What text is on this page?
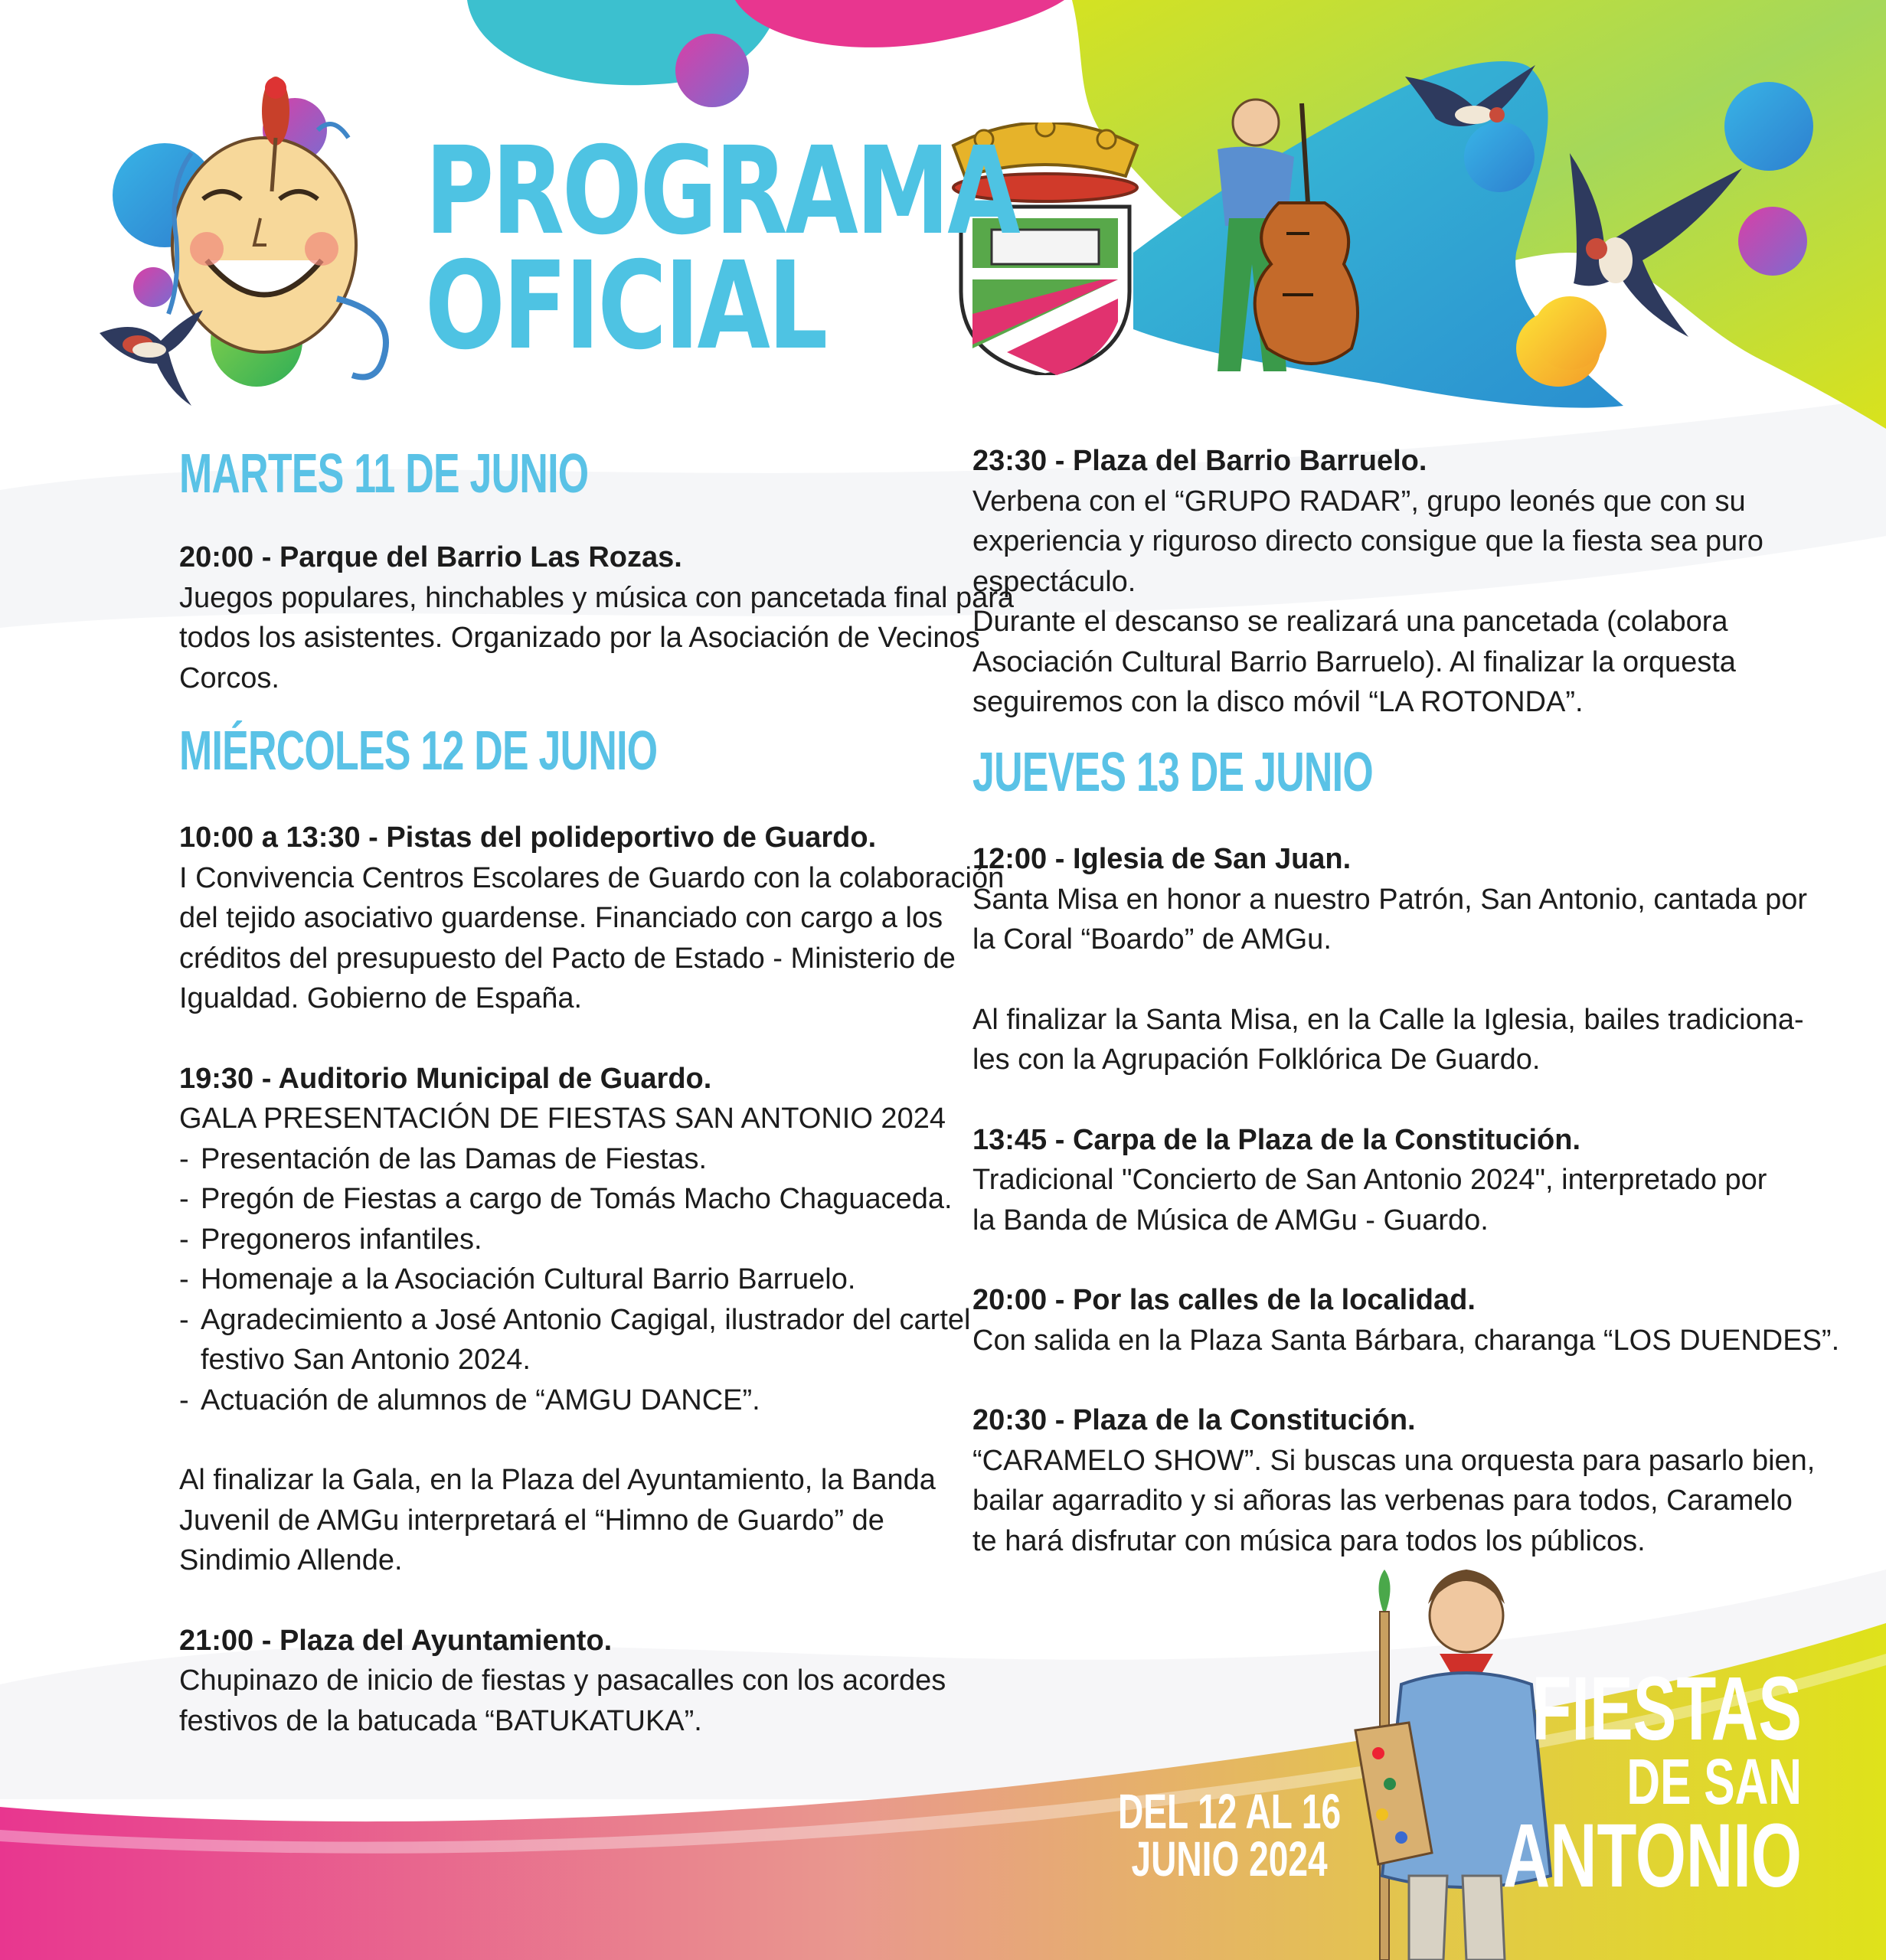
PROGRAMA
OFICIAL
MARTES 11 DE JUNIO
20:00 - Parque del Barrio Las Rozas.
Juegos populares, hinchables y música con pancetada final para
todos los asistentes. Organizado por la Asociación de Vecinos
Corcos.
MIÉRCOLES 12 DE JUNIO
10:00 a 13:30 - Pistas del polideportivo de Guardo.
I Convivencia Centros Escolares de Guardo con la colaboración
del tejido asociativo guardense. Financiado con cargo a los
créditos del presupuesto del Pacto de Estado - Ministerio de
Igualdad. Gobierno de España.
19:30 - Auditorio Municipal de Guardo.
GALA PRESENTACIÓN DE FIESTAS SAN ANTONIO 2024
- Presentación de las Damas de Fiestas.
- Pregón de Fiestas a cargo de Tomás Macho Chaguaceda.
- Pregoneros infantiles.
- Homenaje a la Asociación Cultural Barrio Barruelo.
- Agradecimiento a José Antonio Cagigal, ilustrador del cartel
festivo San Antonio 2024.
- Actuación de alumnos de “AMGU DANCE”.
Al finalizar la Gala, en la Plaza del Ayuntamiento, la Banda
Juvenil de AMGu interpretará el “Himno de Guardo” de
Sindimio Allende.
21:00 - Plaza del Ayuntamiento.
Chupinazo de inicio de fiestas y pasacalles con los acordes
festivos de la batucada “BATUKATUKA”.
23:30 - Plaza del Barrio Barruelo.
Verbena con el “GRUPO RADAR”, grupo leonés que con su
experiencia y riguroso directo consigue que la fiesta sea puro
espectáculo.
Durante el descanso se realizará una pancetada (colabora
Asociación Cultural Barrio Barruelo). Al finalizar la orquesta
seguiremos con la disco móvil “LA ROTONDA”.
JUEVES 13 DE JUNIO
12:00 - Iglesia de San Juan.
Santa Misa en honor a nuestro Patrón, San Antonio, cantada por
la Coral “Boardo” de AMGu.
Al finalizar la Santa Misa, en la Calle la Iglesia, bailes tradiciona-
les con la Agrupación Folklórica De Guardo.
13:45 - Carpa de la Plaza de la Constitución.
Tradicional "Concierto de San Antonio 2024", interpretado por
la Banda de Música de AMGu - Guardo.
20:00 - Por las calles de la localidad.
Con salida en la Plaza Santa Bárbara, charanga “LOS DUENDES”.
20:30 - Plaza de la Constitución.
“CARAMELO SHOW”. Si buscas una orquesta para pasarlo bien,
bailar agarradito y si añoras las verbenas para todos, Caramelo
te hará disfrutar con música para todos los públicos.
DEL 12 AL 16
JUNIO 2024
FIESTAS
DE SAN
ANTONIO
